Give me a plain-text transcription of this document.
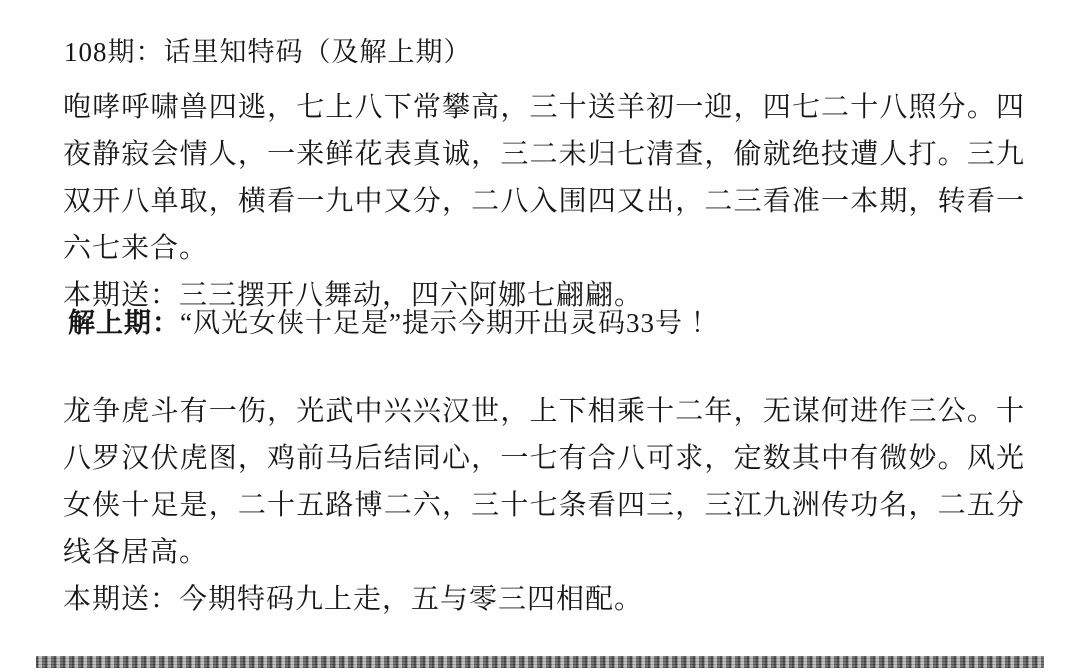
108期：话里知特码（及解上期）

咆哮呼啸兽四逃，七上八下常攀高，三十送羊初一迎，四七二十八照分。四夜静寂会情人，一来鲜花表真诚，三二未归七清查，偷就绝技遭人打。三九双开八单取，横看一九中又分，二八入围四又出，二三看准一本期，转看一六七来合。

本期送：三三摆开八舞动，四六阿娜七翩翩。

解上期：“风光女侠十足是”提示今期开出灵码33号 ！

龙争虎斗有一伤，光武中兴兴汉世，上下相乘十二年，无谋何进作三公。十八罗汉伏虎图，鸡前马后结同心，一七有合八可求，定数其中有微妙。风光女侠十足是，二十五路博二六，三十七条看四三，三江九洲传功名，二五分线各居高。

本期送：今期特码九上走，五与零三四相配。
